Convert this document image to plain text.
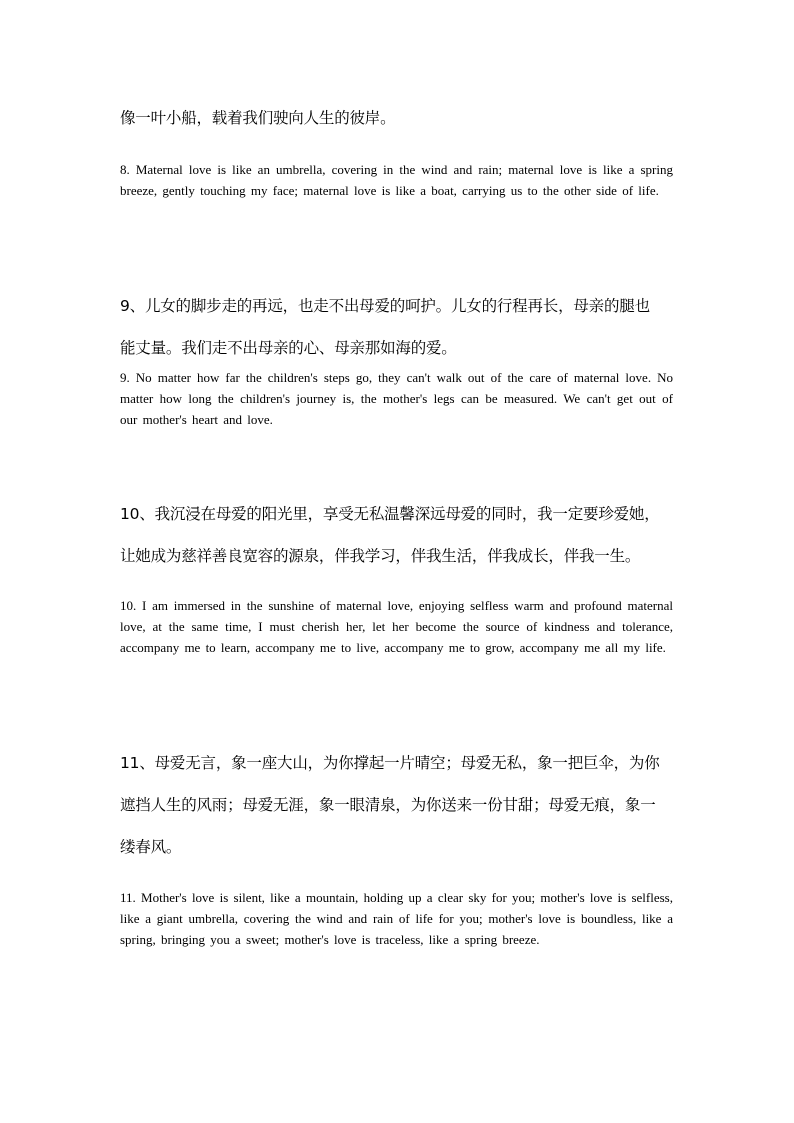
像一叶小船，载着我们驶向人生的彼岸。
8. Maternal love is like an umbrella, covering in the wind and rain; maternal love is like a spring breeze, gently touching my face; maternal love is like a boat, carrying us to the other side of life.
9、儿女的脚步走的再远，也走不出母爱的呵护。儿女的行程再长，母亲的腿也
能丈量。我们走不出母亲的心、母亲那如海的爱。
9. No matter how far the children's steps go, they can't walk out of the care of maternal love. No matter how long the children's journey is, the mother's legs can be measured. We can't get out of our mother's heart and love.
10、我沉浸在母爱的阳光里，享受无私温馨深远母爱的同时，我一定要珍爱她，
让她成为慈祥善良宽容的源泉，伴我学习，伴我生活，伴我成长，伴我一生。
10. I am immersed in the sunshine of maternal love, enjoying selfless warm and profound maternal love, at the same time, I must cherish her, let her become the source of kindness and tolerance, accompany me to learn, accompany me to live, accompany me to grow, accompany me all my life.
11、母爱无言，象一座大山，为你撑起一片晴空；母爱无私，象一把巨伞，为你
遮挡人生的风雨；母爱无涯，象一眼清泉，为你送来一份甘甜；母爱无痕，象一
缕春风。
11. Mother's love is silent, like a mountain, holding up a clear sky for you; mother's love is selfless, like a giant umbrella, covering the wind and rain of life for you; mother's love is boundless, like a spring, bringing you a sweet; mother's love is traceless, like a spring breeze.
